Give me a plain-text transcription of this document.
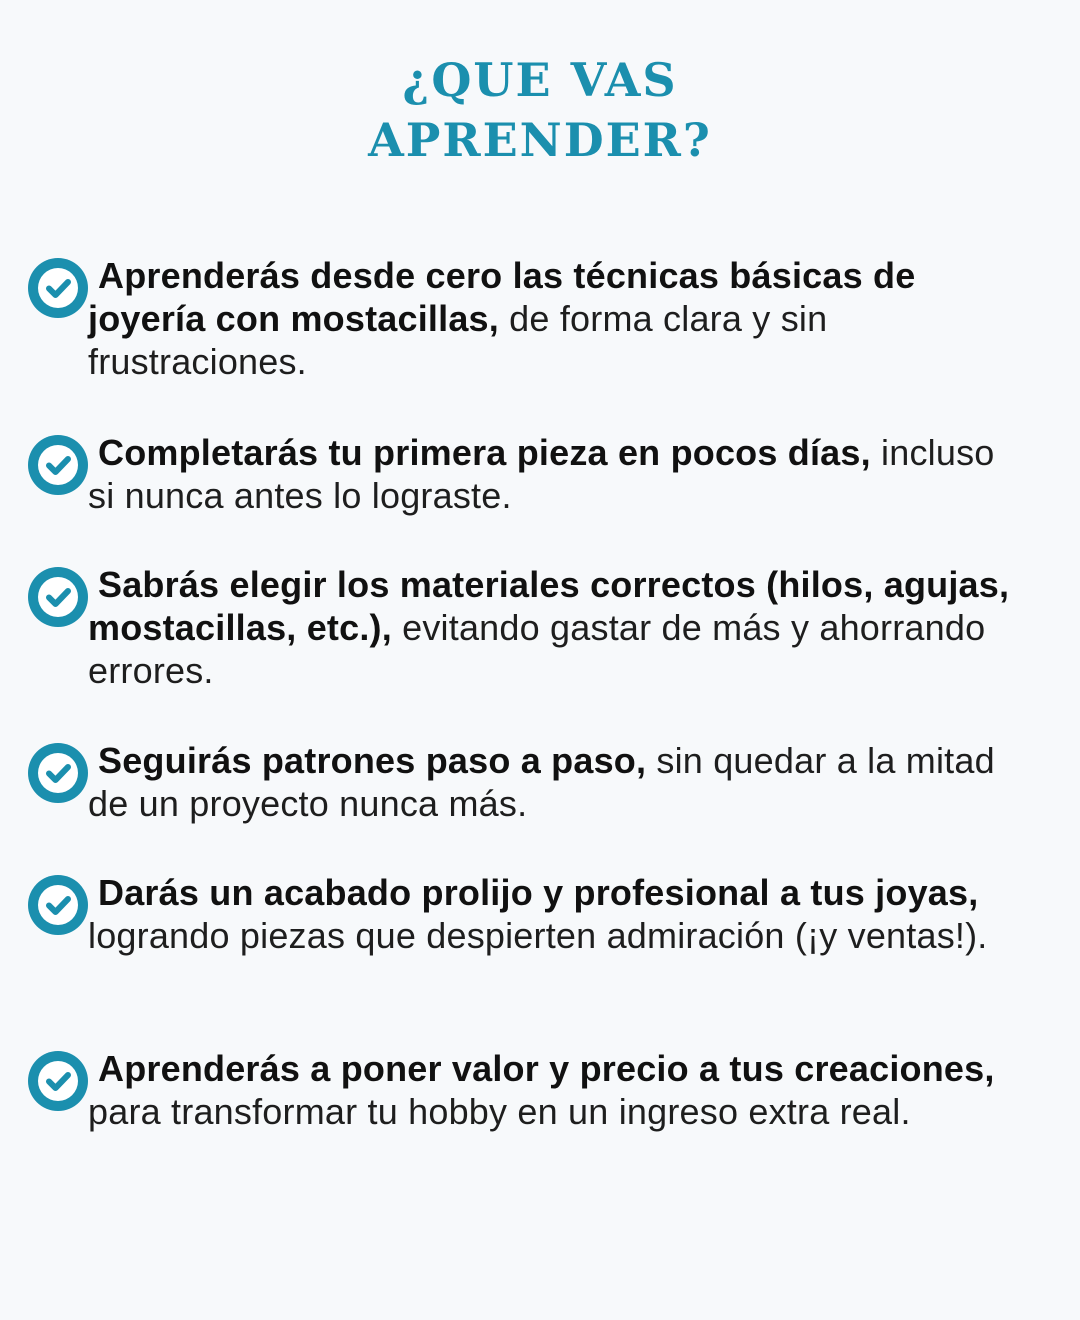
¿QUE VAS
APRENDER?

Aprenderás desde cero las técnicas básicas de joyería con mostacillas, de forma clara y sin frustraciones.

Completarás tu primera pieza en pocos días, incluso si nunca antes lo lograste.

Sabrás elegir los materiales correctos (hilos, agujas, mostacillas, etc.), evitando gastar de más y ahorrando errores.

Seguirás patrones paso a paso, sin quedar a la mitad de un proyecto nunca más.

Darás un acabado prolijo y profesional a tus joyas, logrando piezas que despierten admiración (¡y ventas!).

Aprenderás a poner valor y precio a tus creaciones, para transformar tu hobby en un ingreso extra real.
